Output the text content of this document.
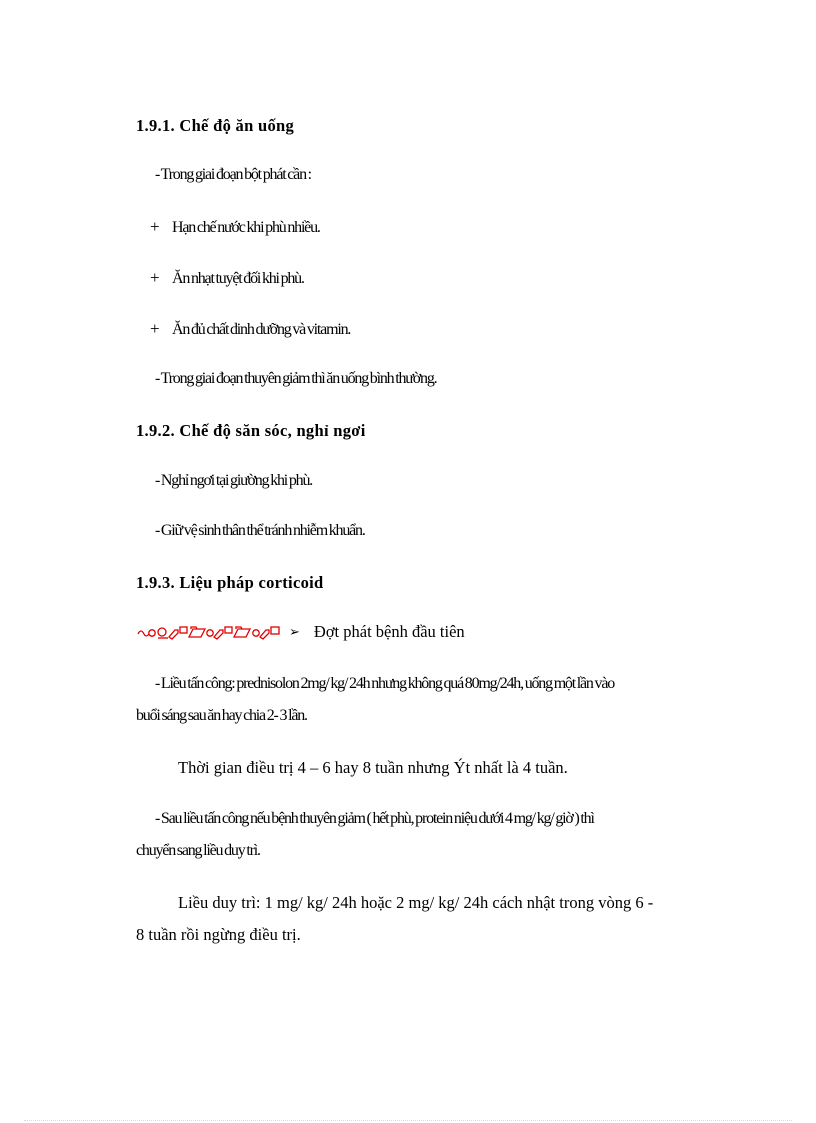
1.9.1. Chế độ ăn uống
- Trong giai đoạn bột phát cần :
+ Hạn chế nước khi phù nhiều.
+ Ăn nhạt tuyệt đối khi phù.
+ Ăn đủ chất dinh dưỡng và vitamin.
- Trong giai đoạn thuyên giảm thì ăn uống bình thường.
1.9.2. Chế độ săn sóc, nghỉ ngơi
- Nghỉ ngơi tại giường khi phù.
- Giữ vệ sinh thân thể tránh nhiễm khuẩn.
1.9.3. Liệu pháp corticoid
➢ Đợt phát bệnh đầu tiên
- Liều tấn công: prednisolon 2mg/ kg/ 24h nhưng không quá 80mg/24h, uống một lần vào
buổi sáng sau ăn hay chia 2- 3 lần.
Thời gian điều trị 4 – 6 hay 8 tuần nhưng Ýt nhất là 4 tuần.
- Sau liều tấn công nếu bệnh thuyên giảm ( hết phù, protein niệu dưới 4 mg/ kg/ giờ ) thì
chuyển sang liều duy trì.
Liều duy trì: 1 mg/ kg/ 24h hoặc 2 mg/ kg/ 24h cách nhật trong vòng 6 -
8 tuần rồi ngừng điều trị.
